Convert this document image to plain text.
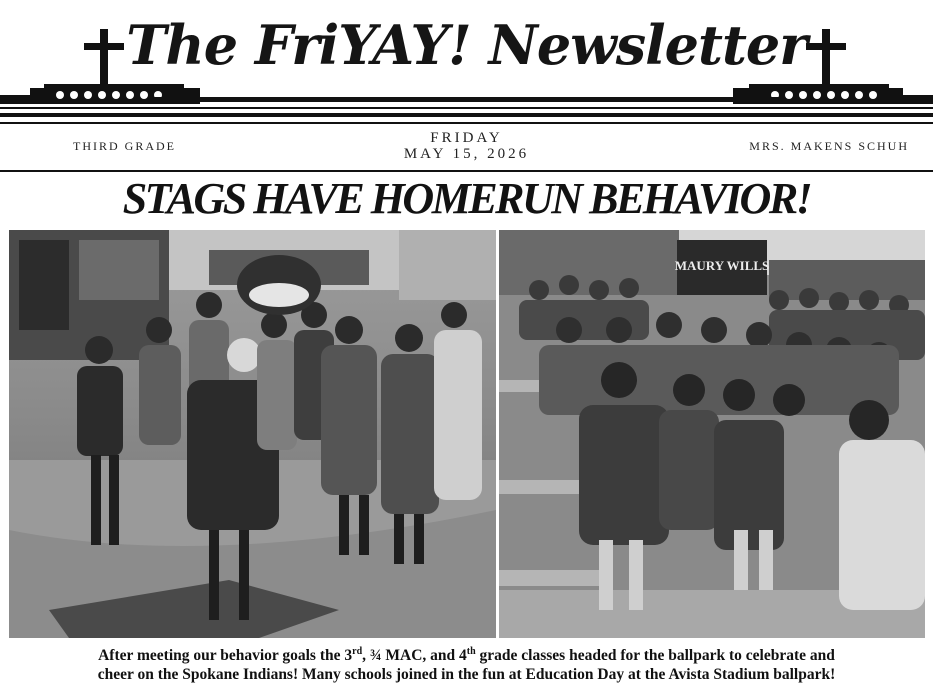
The FriYAY! Newsletter
THIRD GRADE	FRIDAY
MAY 15, 2026	MRS. MAKENS SCHUH
STAGS HAVE HOMERUN BEHAVIOR!
MAURY WILLS
After meeting our behavior goals the 3rd, ¾ MAC, and 4th grade classes headed for the ballpark to celebrate and
cheer on the Spokane Indians! Many schools joined in the fun at Education Day at the Avista Stadium ballpark!
